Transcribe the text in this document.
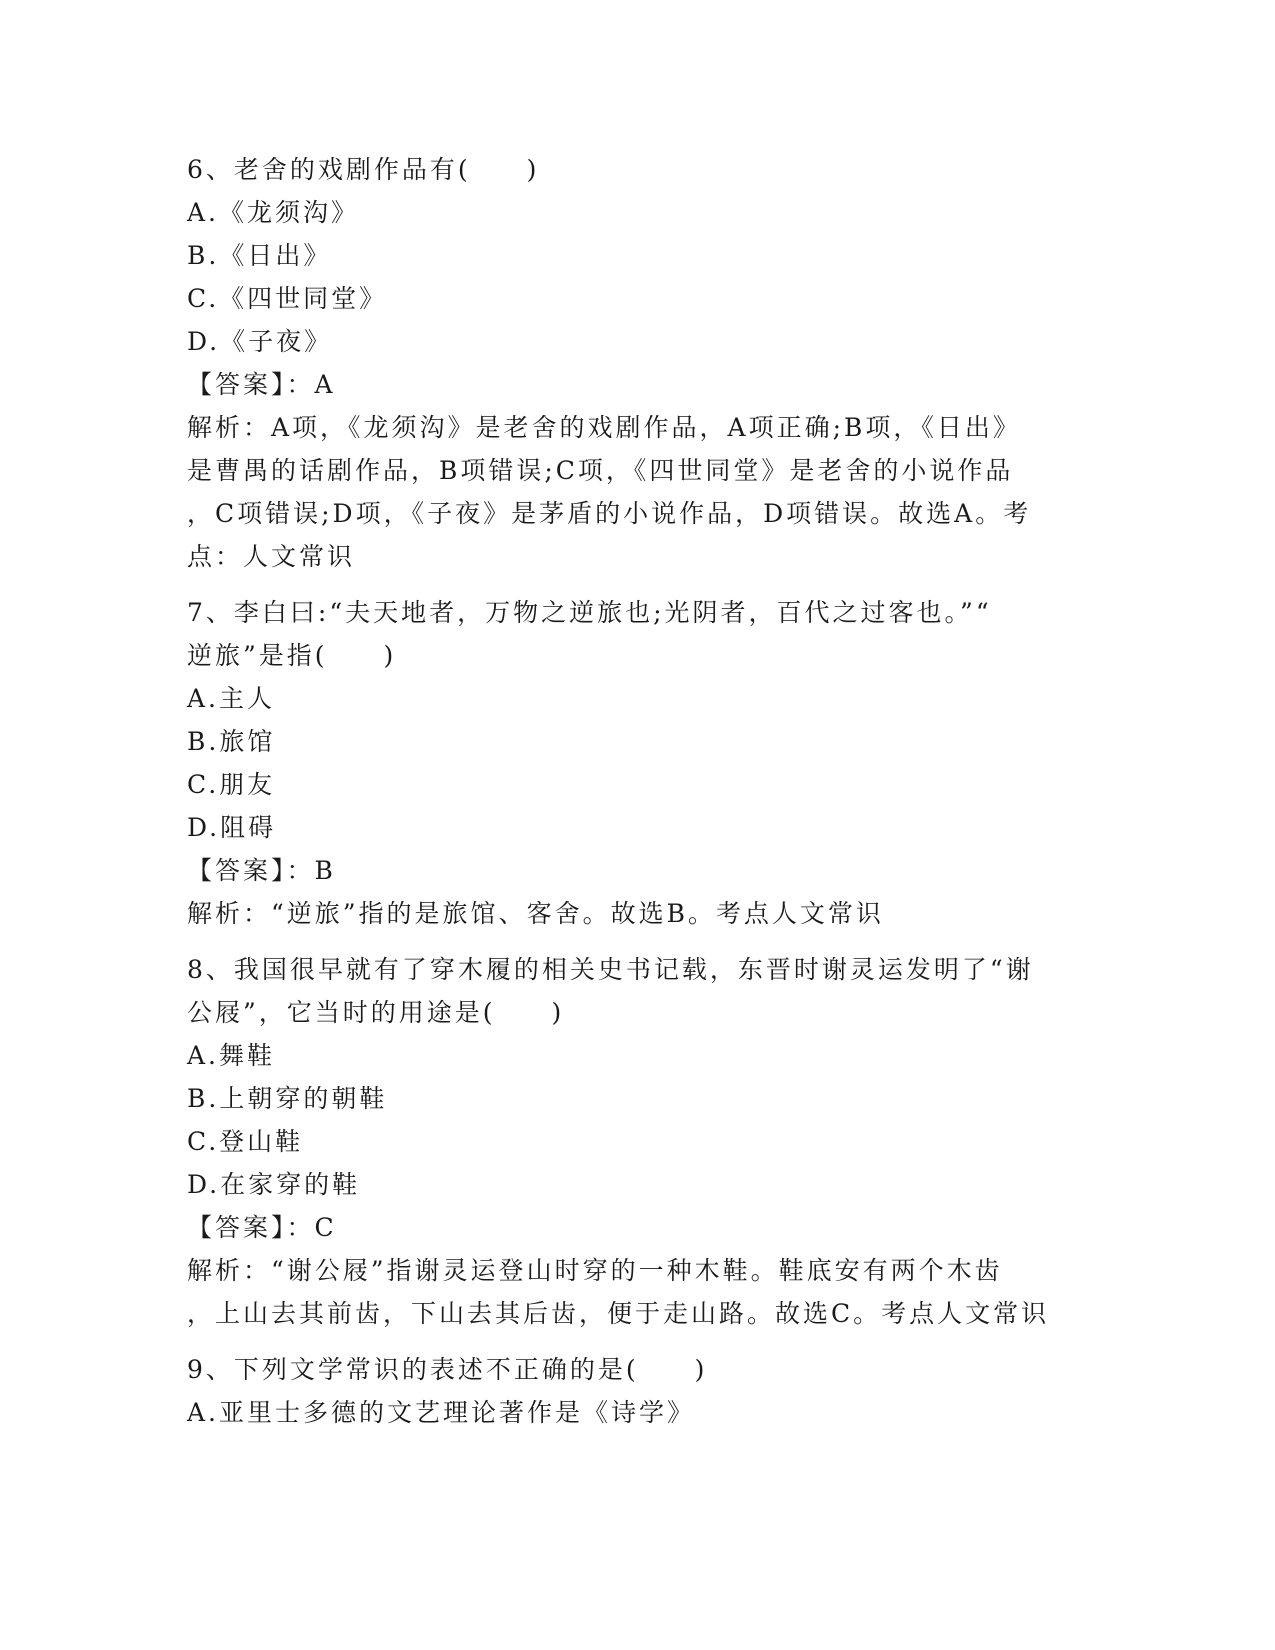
6、老舍的戏剧作品有(　　)
A.《龙须沟》
B.《日出》
C.《四世同堂》
D.《子夜》
【答案】：A
解析：A项，《龙须沟》是老舍的戏剧作品，A项正确;B项，《日出》
是曹禺的话剧作品，B项错误;C项，《四世同堂》是老舍的小说作品
，C项错误;D项，《子夜》是茅盾的小说作品，D项错误。故选A。考
点：人文常识
7、李白曰:“夫天地者，万物之逆旅也;光阴者，百代之过客也。”“
逆旅”是指(　　)
A.主人
B.旅馆
C.朋友
D.阻碍
【答案】：B
解析：“逆旅”指的是旅馆、客舍。故选B。考点人文常识
8、我国很早就有了穿木履的相关史书记载，东晋时谢灵运发明了“谢
公屐”，它当时的用途是(　　)
A.舞鞋
B.上朝穿的朝鞋
C.登山鞋
D.在家穿的鞋
【答案】：C
解析：“谢公屐”指谢灵运登山时穿的一种木鞋。鞋底安有两个木齿
，上山去其前齿，下山去其后齿，便于走山路。故选C。考点人文常识
9、下列文学常识的表述不正确的是(　　)
A.亚里士多德的文艺理论著作是《诗学》
